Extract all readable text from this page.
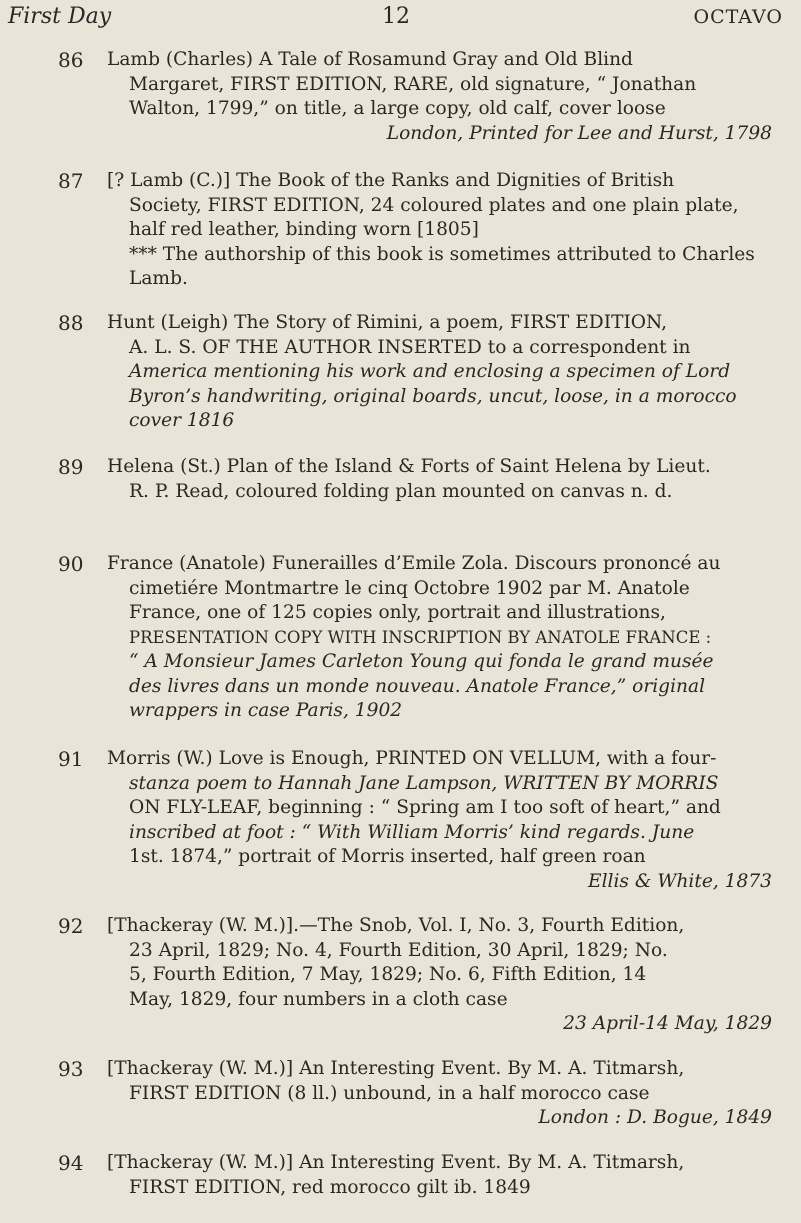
First Day	12	OCTAVO
86 Lamb (Charles) A Tale of Rosamund Gray and Old Blind
Margaret, FIRST EDITION, RARE, old signature, “ Jonathan
Walton, 1799,” on title, a large copy, old calf, cover loose
London, Printed for Lee and Hurst, 1798
87 [? Lamb (C.)] The Book of the Ranks and Dignities of British
Society, FIRST EDITION, 24 coloured plates and one plain plate,
half red leather, binding worn [1805]
*** The authorship of this book is sometimes attributed to Charles
Lamb.
88 Hunt (Leigh) The Story of Rimini, a poem, FIRST EDITION,
A. L. S. OF THE AUTHOR INSERTED to a correspondent in
America mentioning his work and enclosing a specimen of Lord
Byron’s handwriting, original boards, uncut, loose, in a morocco
cover 1816
89 Helena (St.) Plan of the Island & Forts of Saint Helena by Lieut.
R. P. Read, coloured folding plan mounted on canvas n. d.
90 France (Anatole) Funerailles d’Emile Zola. Discours prononcé au
cimetiére Montmartre le cinq Octobre 1902 par M. Anatole
France, one of 125 copies only, portrait and illustrations,
PRESENTATION COPY WITH INSCRIPTION BY ANATOLE FRANCE :
“ A Monsieur James Carleton Young qui fonda le grand musée
des livres dans un monde nouveau. Anatole France,” original
wrappers in case Paris, 1902
91 Morris (W.) Love is Enough, PRINTED ON VELLUM, with a four-
stanza poem to Hannah Jane Lampson, WRITTEN BY MORRIS
ON FLY-LEAF, beginning : “ Spring am I too soft of heart,” and
inscribed at foot : “ With William Morris’ kind regards. June
1st. 1874,” portrait of Morris inserted, half green roan
Ellis & White, 1873
92 [Thackeray (W. M.)].—The Snob, Vol. I, No. 3, Fourth Edition,
23 April, 1829; No. 4, Fourth Edition, 30 April, 1829; No.
5, Fourth Edition, 7 May, 1829; No. 6, Fifth Edition, 14
May, 1829, four numbers in a cloth case
23 April-14 May, 1829
93 [Thackeray (W. M.)] An Interesting Event. By M. A. Titmarsh,
FIRST EDITION (8 ll.) unbound, in a half morocco case
London : D. Bogue, 1849
94 [Thackeray (W. M.)] An Interesting Event. By M. A. Titmarsh,
FIRST EDITION, red morocco gilt ib. 1849
